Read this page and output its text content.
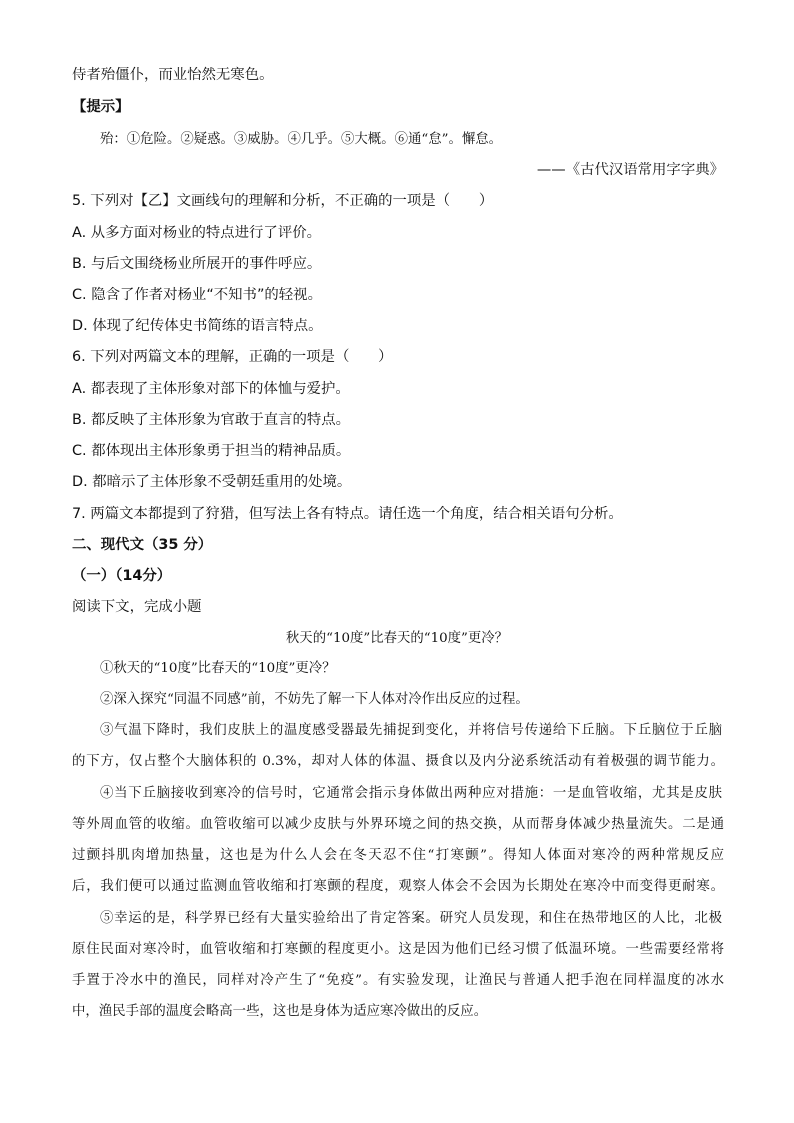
侍者殆僵仆，而业怡然无寒色。
【提示】
殆：①危险。②疑惑。③威胁。④几乎。⑤大概。⑥通“怠”。懈怠。
——《古代汉语常用字字典》
5. 下列对【乙】文画线句的理解和分析，不正确的一项是（　　）
A. 从多方面对杨业的特点进行了评价。
B. 与后文围绕杨业所展开的事件呼应。
C. 隐含了作者对杨业“不知书”的轻视。
D. 体现了纪传体史书简练的语言特点。
6. 下列对两篇文本的理解，正确的一项是（　　）
A. 都表现了主体形象对部下的体恤与爱护。
B. 都反映了主体形象为官敢于直言的特点。
C. 都体现出主体形象勇于担当的精神品质。
D. 都暗示了主体形象不受朝廷重用的处境。
7. 两篇文本都提到了狩猎，但写法上各有特点。请任选一个角度，结合相关语句分析。
二、现代文（35 分）
（一）（14分）
阅读下文，完成小题
秋天的“10度”比春天的“10度”更冷？
①秋天的“10度”比春天的“10度”更冷？
②深入探究“同温不同感”前，不妨先了解一下人体对冷作出反应的过程。
③气温下降时，我们皮肤上的温度感受器最先捕捉到变化，并将信号传递给下丘脑。下丘脑位于丘脑
的下方，仅占整个大脑体积的 0.3%，却对人体的体温、摄食以及内分泌系统活动有着极强的调节能力。
④当下丘脑接收到寒冷的信号时，它通常会指示身体做出两种应对措施：一是血管收缩，尤其是皮肤
等外周血管的收缩。血管收缩可以减少皮肤与外界环境之间的热交换，从而帮身体减少热量流失。二是通
过颤抖肌肉增加热量，这也是为什么人会在冬天忍不住“打寒颤”。得知人体面对寒冷的两种常规反应
后，我们便可以通过监测血管收缩和打寒颤的程度，观察人体会不会因为长期处在寒冷中而变得更耐寒。
⑤幸运的是，科学界已经有大量实验给出了肯定答案。研究人员发现，和住在热带地区的人比，北极
原住民面对寒冷时，血管收缩和打寒颤的程度更小。这是因为他们已经习惯了低温环境。一些需要经常将
手置于冷水中的渔民，同样对冷产生了“免疫”。有实验发现，让渔民与普通人把手泡在同样温度的冰水
中，渔民手部的温度会略高一些，这也是身体为适应寒冷做出的反应。
